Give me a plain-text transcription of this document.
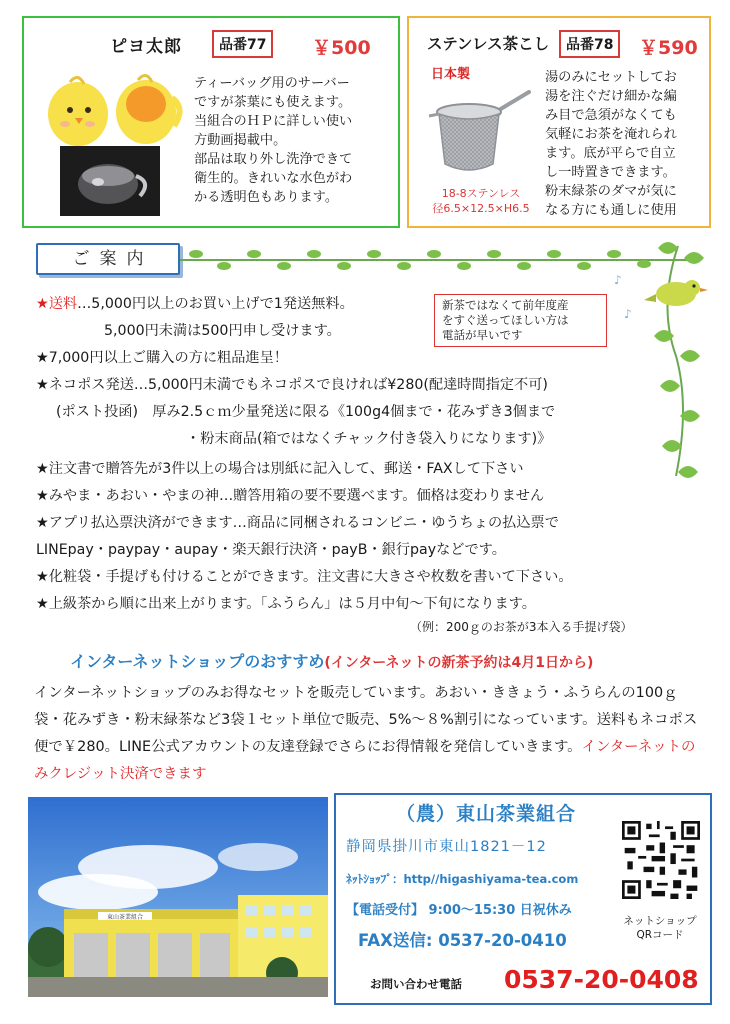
ピヨ太郎	品番77	￥500
ティーバッグ用のサーバー
ですが茶葉にも使えます。
当組合のＨＰに詳しい使い
方動画掲載中。
部品は取り外し洗浄できて
衛生的。きれいな水色がわ
かる透明色もあります。
ステンレス茶こし	品番78	￥590
日本製
18-8ステンレス
径6.5×12.5×H6.5
湯のみにセットしてお
湯を注ぐだけ細かな編
み目で急須がなくても
気軽にお茶を淹れられ
ます。底が平らで自立
し一時置きできます。
粉末緑茶のダマが気に
なる方にも通しに使用
ご案内
♪
♪
新茶ではなくて前年度産
をすぐ送ってほしい方は
電話が早いです
★送料…5,000円以上のお買い上げで1発送無料。
5,000円未満は500円申し受けます。
★7,000円以上ご購入の方に粗品進呈！
★ネコポス発送…5,000円未満でもネコポスで良ければ¥280(配達時間指定不可)
(ポスト投函)　厚み2.5ｃｍ少量発送に限る《100g4個まで・花みずき3個まで
・粉末商品(箱ではなくチャック付き袋入りになります)》
★注文書で贈答先が3件以上の場合は別紙に記入して、郵送・FAXして下さい
★みやま・あおい・やまの神…贈答用箱の要不要選べます。価格は変わりません
★アプリ払込票決済ができます…商品に同梱されるコンビニ・ゆうちょの払込票で
LINEpay・paypay・aupay・楽天銀行決済・payB・銀行payなどです。
★化粧袋・手提げも付けることができます。注文書に大きさや枚数を書いて下さい。
★上級茶から順に出来上がります。「ふうらん」は５月中旬～下旬になります。
（例：200ｇのお茶が3本入る手提げ袋）
インターネットショップのおすすめ(インターネットの新茶予約は4月1日から)
インターネットショップのみお得なセットを販売しています。あおい・ききょう・ふうらんの100ｇ袋・花みずき・粉末緑茶など3袋１セット単位で販売、5%～８%割引になっています。送料もネコポス便で￥280。LINE公式アカウントの友達登録でさらにお得情報を発信していきます。インターネットのみクレジット決済できます
東山茶業組合
（農）東山茶業組合
静岡県掛川市東山1821－12
ﾈｯﾄｼｮｯﾌﾟ：http//higashiyama-tea.com
【電話受付】 9:00～15:30 日祝休み
FAX送信: 0537-20-0410
お問い合わせ電話 0537-20-0408
ネットショップ
QRコード
